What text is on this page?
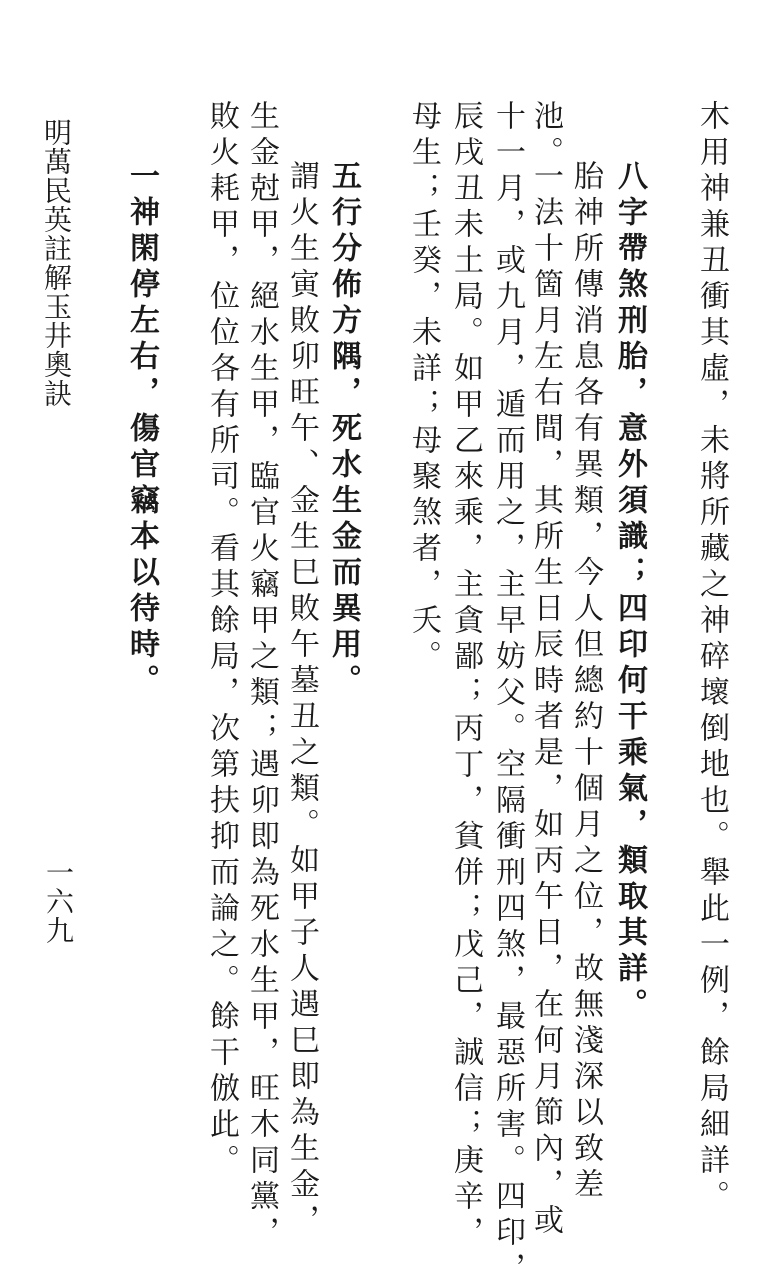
明萬民英註解玉井奧訣
一六九	木用神兼丑衝其虛，未將所藏之神碎壞倒地也。舉此一例，餘局細詳。
池。
胎神所傳消息各有異類，今人但總約十個月之位，故無淺深以致差 八字帶煞刑胎，意外須識；四印何干乘氣，類取其詳。
一法十箇月左右間，其所生日辰時者是，如丙午日，在何月節內，或
十一月，或九月，遁而用之，主早妨父。空隔衝刑四煞，最惡所害。四印，
辰戌丑未土局。如甲乙來乘，主貪鄙；丙丁，貧併；戊己，誠信；庚辛，
母生；壬癸，未詳；母聚煞者，夭。
五行分佈方隅，死水生金而異用。
謂火生寅敗卯旺午、金生巳敗午墓丑之類。如甲子人遇巳即為生金，
生金尅甲，絕水生甲，臨官火竊甲之類；遇卯即為死水生甲，旺木同黨，
敗火耗甲，位位各有所司。看其餘局，次第扶抑而論之。餘干倣此。
一神閑停左右，傷官竊本以待時。
